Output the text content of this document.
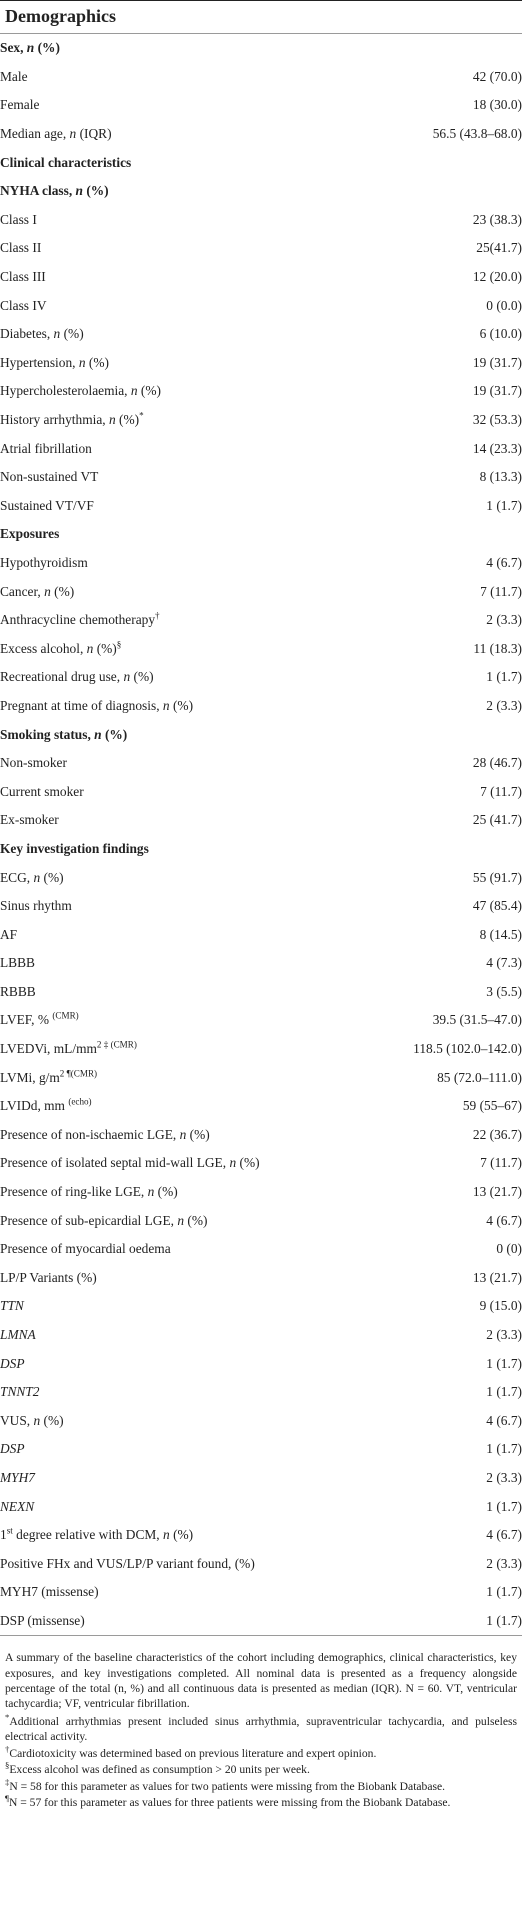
Demographics
Sex, n (%)	
Male	42 (70.0)
Female	18 (30.0)
Median age, n (IQR)	56.5 (43.8–68.0)
Clinical characteristics	
NYHA class, n (%)	
Class I	23 (38.3)
Class II	25(41.7)
Class III	12 (20.0)
Class IV	0 (0.0)
Diabetes, n (%)	6 (10.0)
Hypertension, n (%)	19 (31.7)
Hypercholesterolaemia, n (%)	19 (31.7)
History arrhythmia, n (%)*	32 (53.3)
Atrial fibrillation	14 (23.3)
Non-sustained VT	8 (13.3)
Sustained VT/VF	1 (1.7)
Exposures	
Hypothyroidism	4 (6.7)
Cancer, n (%)	7 (11.7)
Anthracycline chemotherapy†	2 (3.3)
Excess alcohol, n (%)§	11 (18.3)
Recreational drug use, n (%)	1 (1.7)
Pregnant at time of diagnosis, n (%)	2 (3.3)
Smoking status, n (%)	
Non-smoker	28 (46.7)
Current smoker	7 (11.7)
Ex-smoker	25 (41.7)
Key investigation findings	
ECG, n (%)	55 (91.7)
Sinus rhythm	47 (85.4)
AF	8 (14.5)
LBBB	4 (7.3)
RBBB	3 (5.5)
LVEF, % $^{(CMR)}$	39.5 (31.5–47.0)
LVEDVi, $mL/mm^{2 \ddagger (CMR)}$	118.5 (102.0–142.0)
LVMi, $g/m^{2 \P(CMR)}$	85 (72.0–111.0)
LVIDd, mm $^{(echo)}$	59 (55–67)
Presence of non-ischaemic LGE, n (%)	22 (36.7)
Presence of isolated septal mid-wall LGE, n (%)	7 (11.7)
Presence of ring-like LGE, n (%)	13 (21.7)
Presence of sub-epicardial LGE, n (%)	4 (6.7)
Presence of myocardial oedema	0 (0)
LP/P Variants (%)	13 (21.7)
TTN	9 (15.0)
LMNA	2 (3.3)
DSP	1 (1.7)
TNNT2	1 (1.7)
VUS, n (%)	4 (6.7)
DSP	1 (1.7)
MYH7	2 (3.3)
NEXN	1 (1.7)
1st degree relative with DCM, n (%)	4 (6.7)
Positive FHx and VUS/LP/P variant found, (%)	2 (3.3)
MYH7 (missense)	1 (1.7)
DSP (missense)	1 (1.7)

A summary of the baseline characteristics of the cohort including demographics, clinical characteristics, key exposures, and key investigations completed. All nominal data is presented as a frequency alongside percentage of the total (n, %) and all continuous data is presented as median (IQR). N = 60. VT, ventricular tachycardia; VF, ventricular fibrillation.

*Additional arrhythmias present included sinus arrhythmia, supraventricular tachycardia, and pulseless electrical activity.

†Cardiotoxicity was determined based on previous literature and expert opinion.

§Excess alcohol was defined as consumption > 20 units per week.

‡N = 58 for this parameter as values for two patients were missing from the Biobank Database.

¶N = 57 for this parameter as values for three patients were missing from the Biobank Database.
